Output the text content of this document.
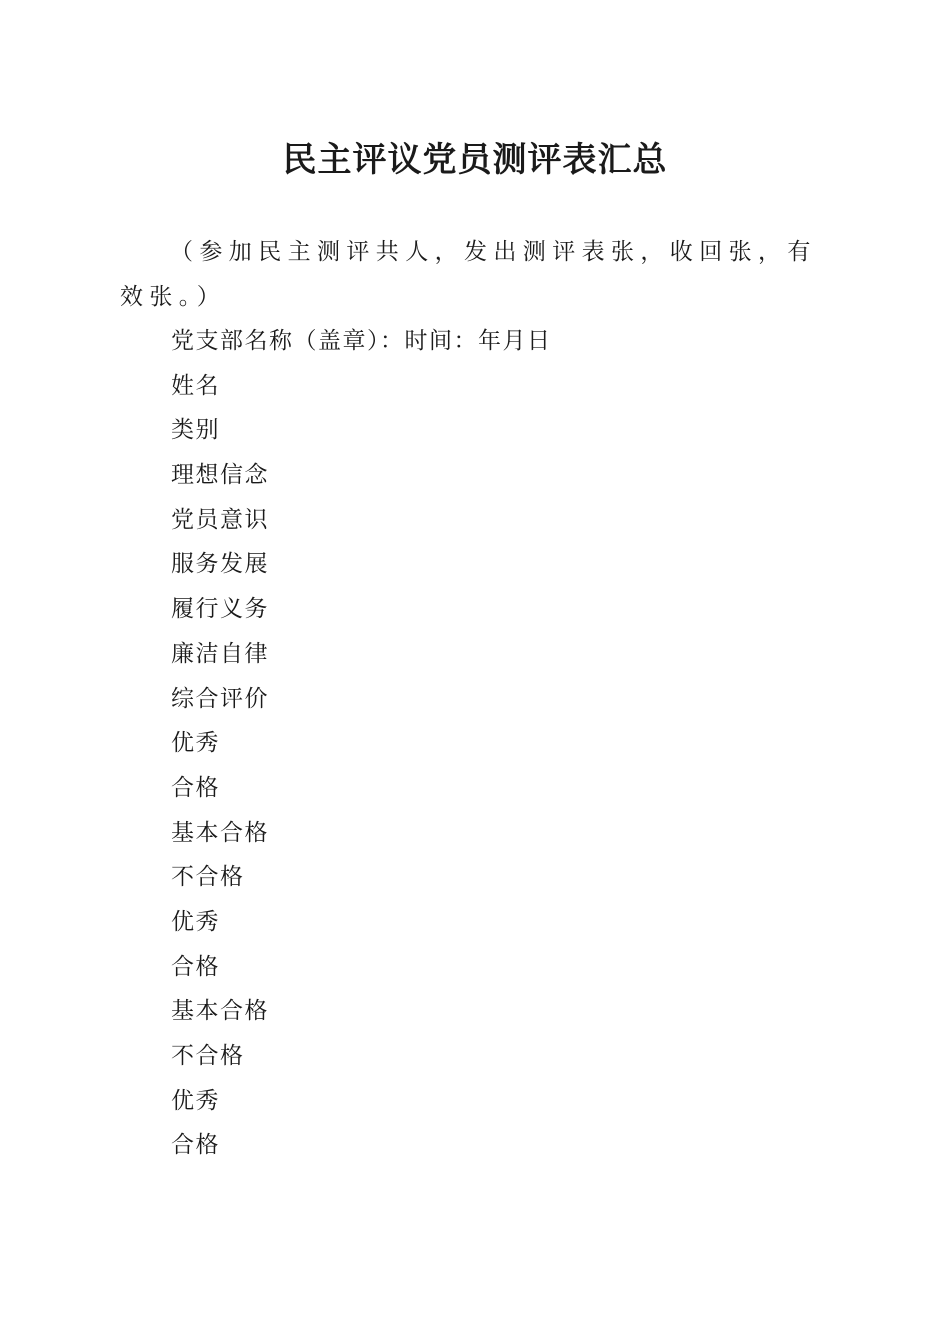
民主评议党员测评表汇总

（参加民主测评共人，发出测评表张，收回张，有效张。）

党支部名称（盖章）：时间：年月日
姓名
类别
理想信念
党员意识
服务发展
履行义务
廉洁自律
综合评价
优秀
合格
基本合格
不合格
优秀
合格
基本合格
不合格
优秀
合格
